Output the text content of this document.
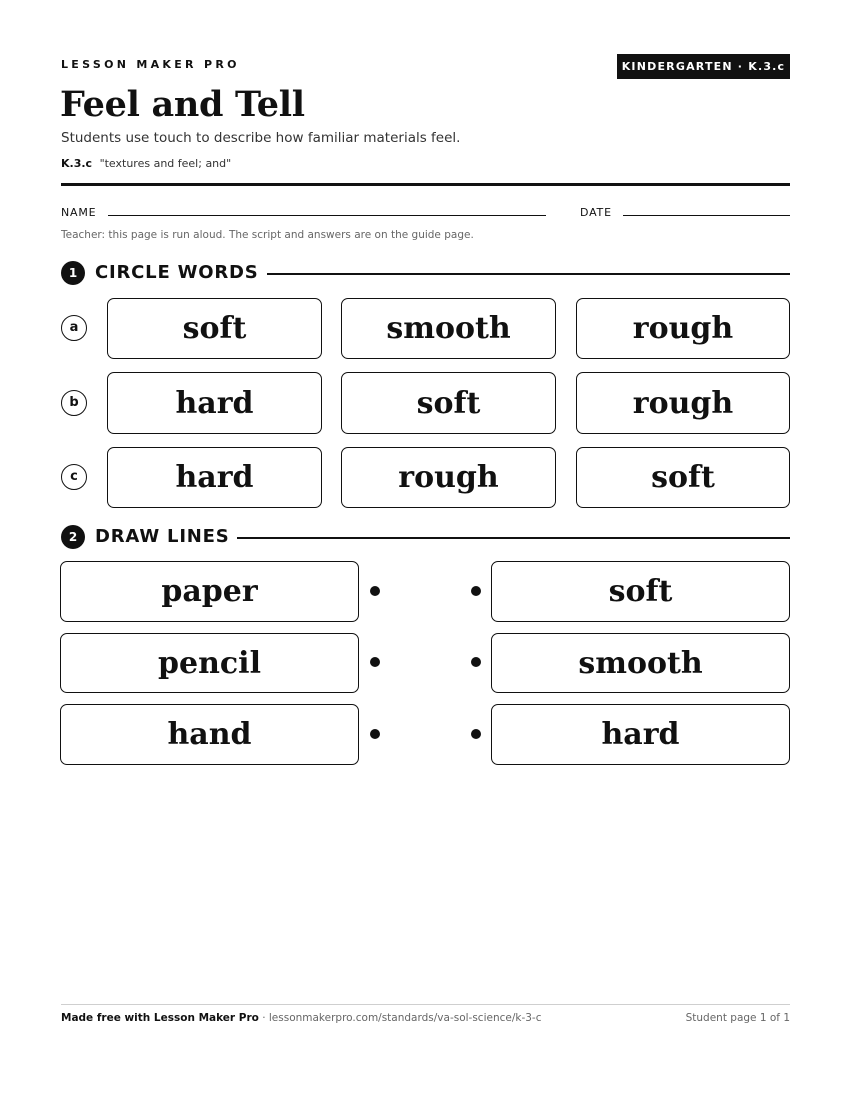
LESSON MAKER PRO	KINDERGARTEN · K.3.c
Feel and Tell
Students use touch to describe how familiar materials feel.
K.3.c "textures and feel; and"
NAME	DATE
Teacher: this page is run aloud. The script and answers are on the guide page.
1 CIRCLE WORDS
a	soft	smooth	rough
b	hard	soft	rough
c	hard	rough	soft
2 DRAW LINES
paper	soft
pencil	smooth
hand	hard
Made free with Lesson Maker Pro · lessonmakerpro.com/standards/va-sol-science/k-3-c	Student page 1 of 1
